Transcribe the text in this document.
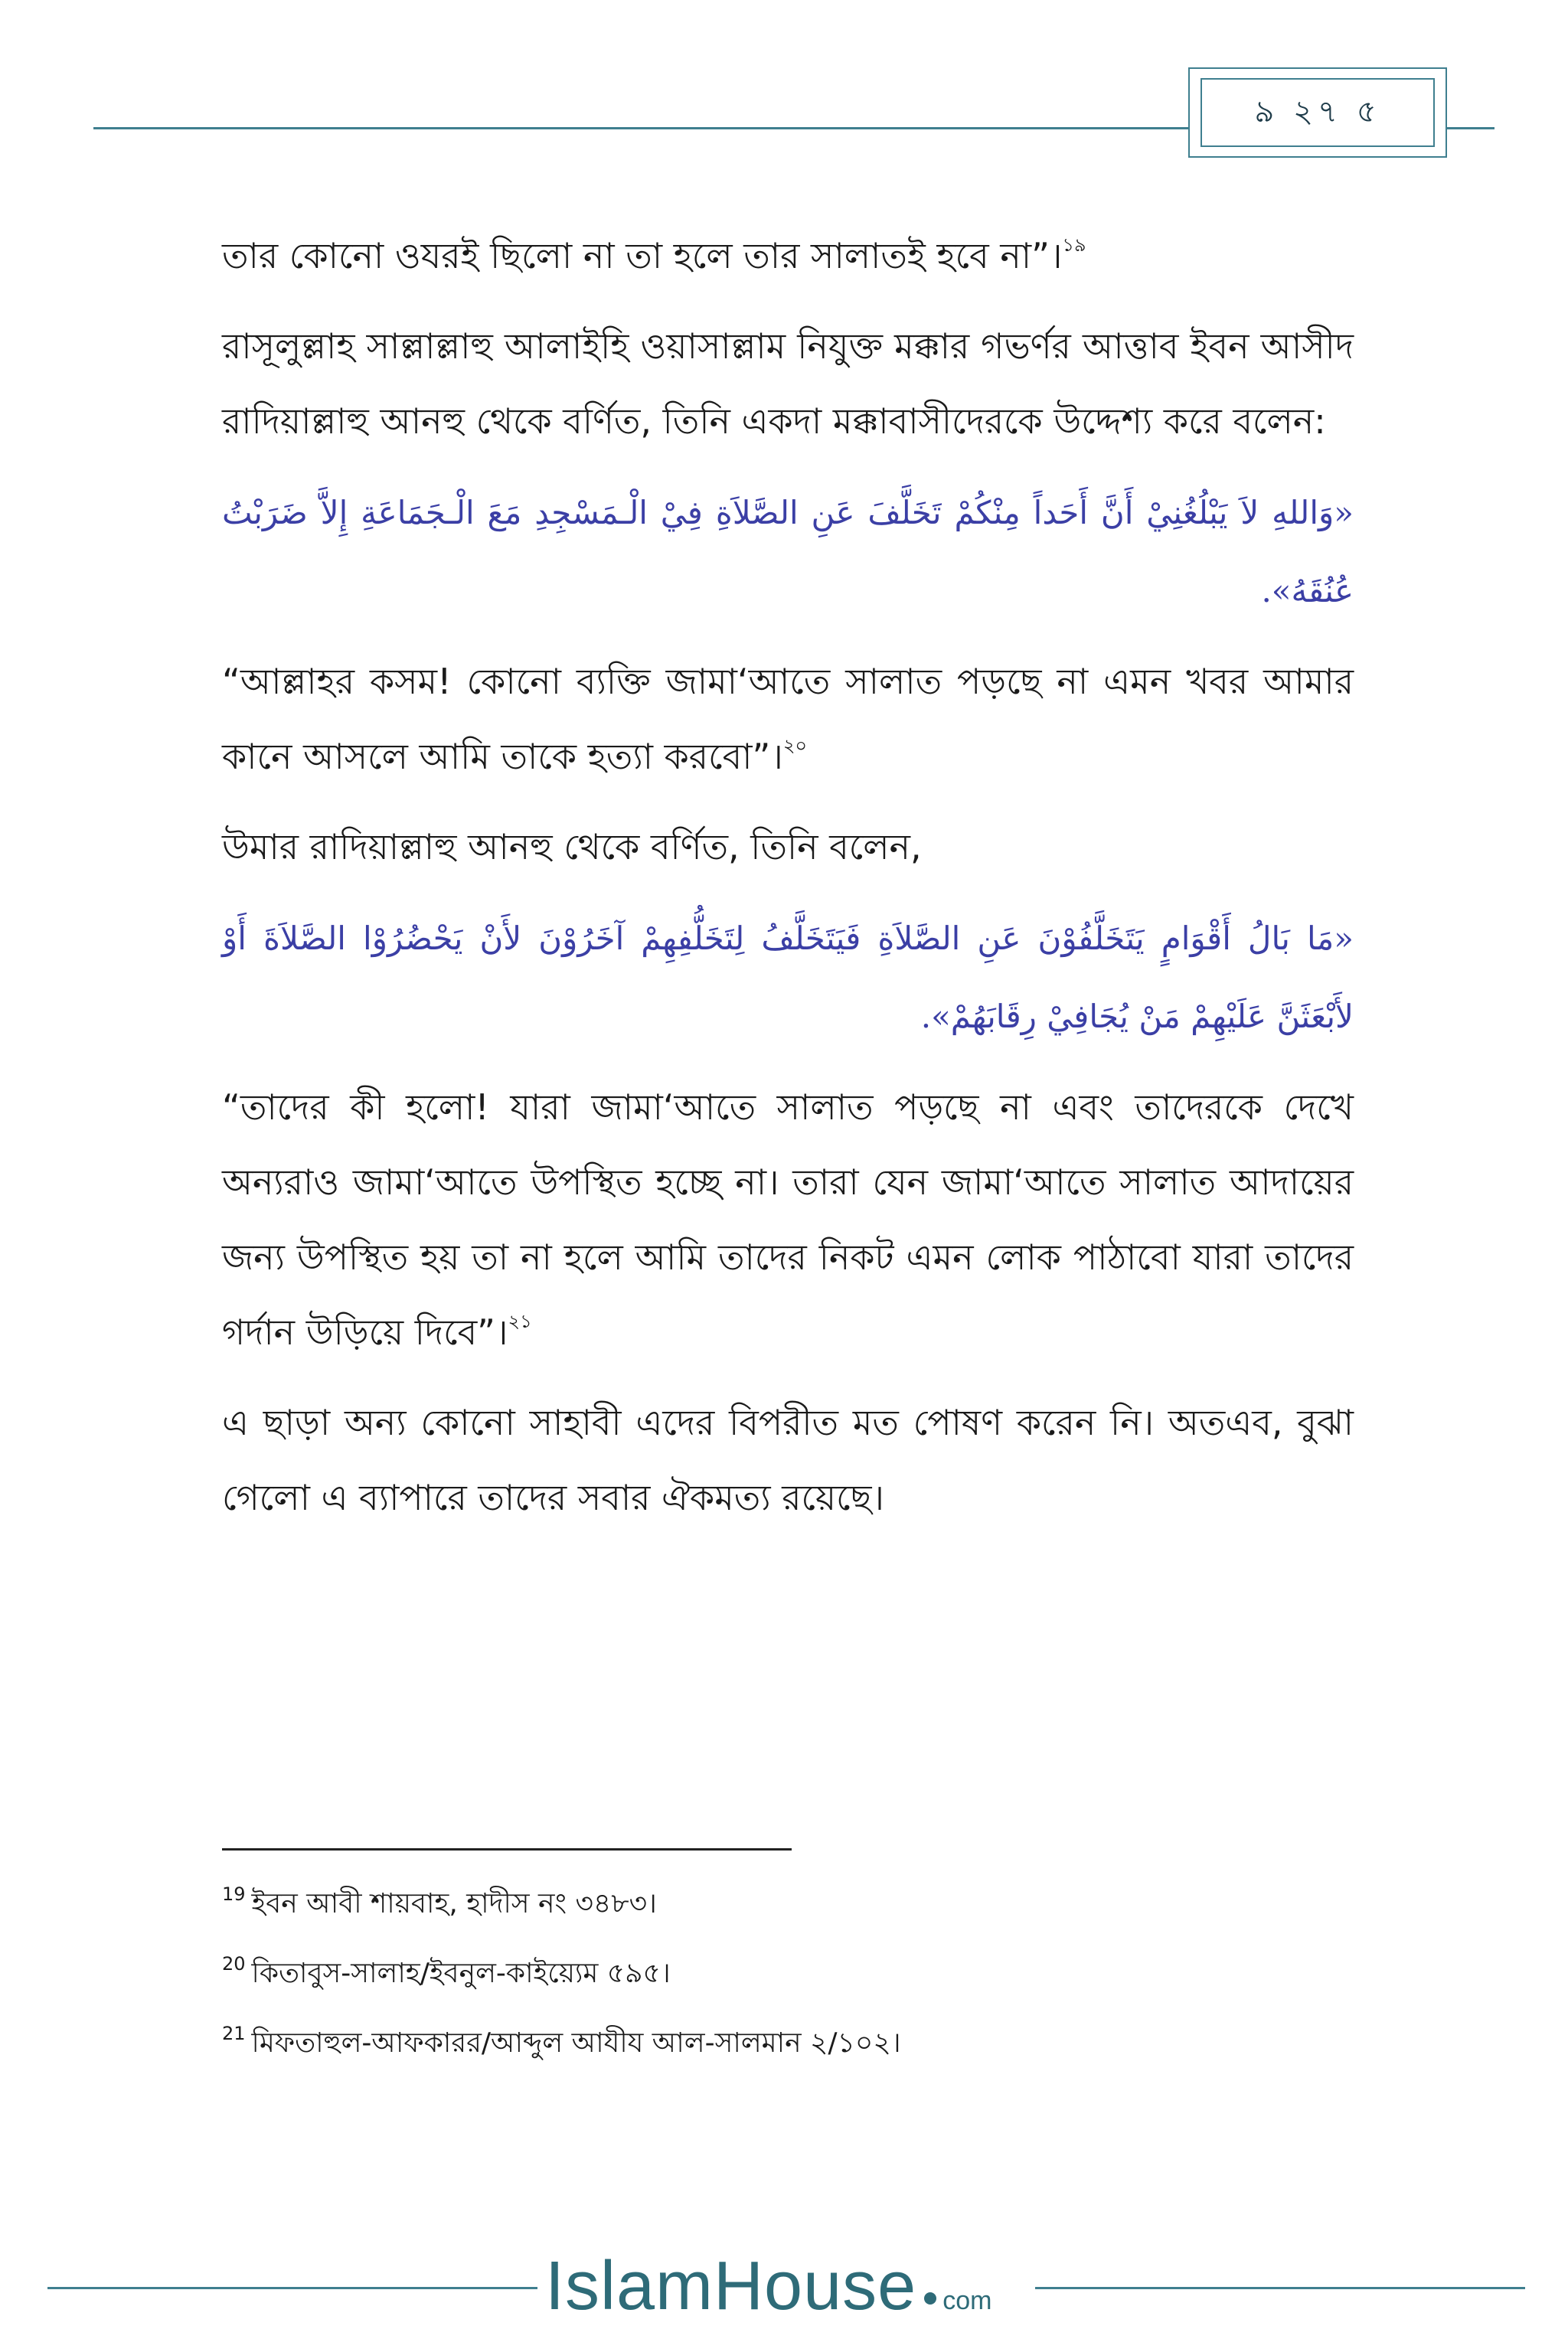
৯ ২৭ ৫

তার কোনো ওযরই ছিলো না তা হলে তার সালাতই হবে না”।$^{১৯}$

রাসূলুল্লাহ সাল্লাল্লাহু আলাইহি ওয়াসাল্লাম নিযুক্ত মক্কার গভর্ণর আত্তাব ইবন আসীদ রাদিয়াল্লাহু আনহু থেকে বর্ণিত, তিনি একদা মক্কাবাসীদেরকে উদ্দেশ্য করে বলেন:

«وَاللهِ لاَ يَبْلُغُنِيْ أَنَّ أَحَداً مِنْكُمْ تَخَلَّفَ عَنِ الصَّلاَةِ فِيْ الْـمَسْجِدِ مَعَ الْـجَمَاعَةِ إِلاَّ ضَرَبْتُ عُنُقَهُ».

“আল্লাহর কসম! কোনো ব্যক্তি জামা‘আতে সালাত পড়ছে না এমন খবর আমার কানে আসলে আমি তাকে হত্যা করবো”।$^{২০}$

উমার রাদিয়াল্লাহু আনহু থেকে বর্ণিত, তিনি বলেন,

«مَا بَالُ أَقْوَامٍ يَتَخَلَّفُوْنَ عَنِ الصَّلاَةِ فَيَتَخَلَّفُ لِتَخَلُّفِهِمْ آخَرُوْنَ لأَنْ يَحْضُرُوْا الصَّلاَةَ أَوْ لأَبْعَثَنَّ عَلَيْهِمْ مَنْ يُجَافِيْ رِقَابَهُمْ».

“তাদের কী হলো! যারা জামা‘আতে সালাত পড়ছে না এবং তাদেরকে দেখে অন্যরাও জামা‘আতে উপস্থিত হচ্ছে না। তারা যেন জামা‘আতে সালাত আদায়ের জন্য উপস্থিত হয় তা না হলে আমি তাদের নিকট এমন লোক পাঠাবো যারা তাদের গর্দান উড়িয়ে দিবে”।$^{২১}$

এ ছাড়া অন্য কোনো সাহাবী এদের বিপরীত মত পোষণ করেন নি। অতএব, বুঝা গেলো এ ব্যাপারে তাদের সবার ঐকমত্য রয়েছে।

$^{19}$ ইবন আবী শায়বাহ, হাদীস নং ৩৪৮৩।
$^{20}$ কিতাবুস-সালাহ/ইবনুল-কাইয়্যেম ৫৯৫।
$^{21}$ মিফতাহুল-আফকারর/আব্দুল আযীয আল-সালমান ২/১০২।
IslamHouse com
